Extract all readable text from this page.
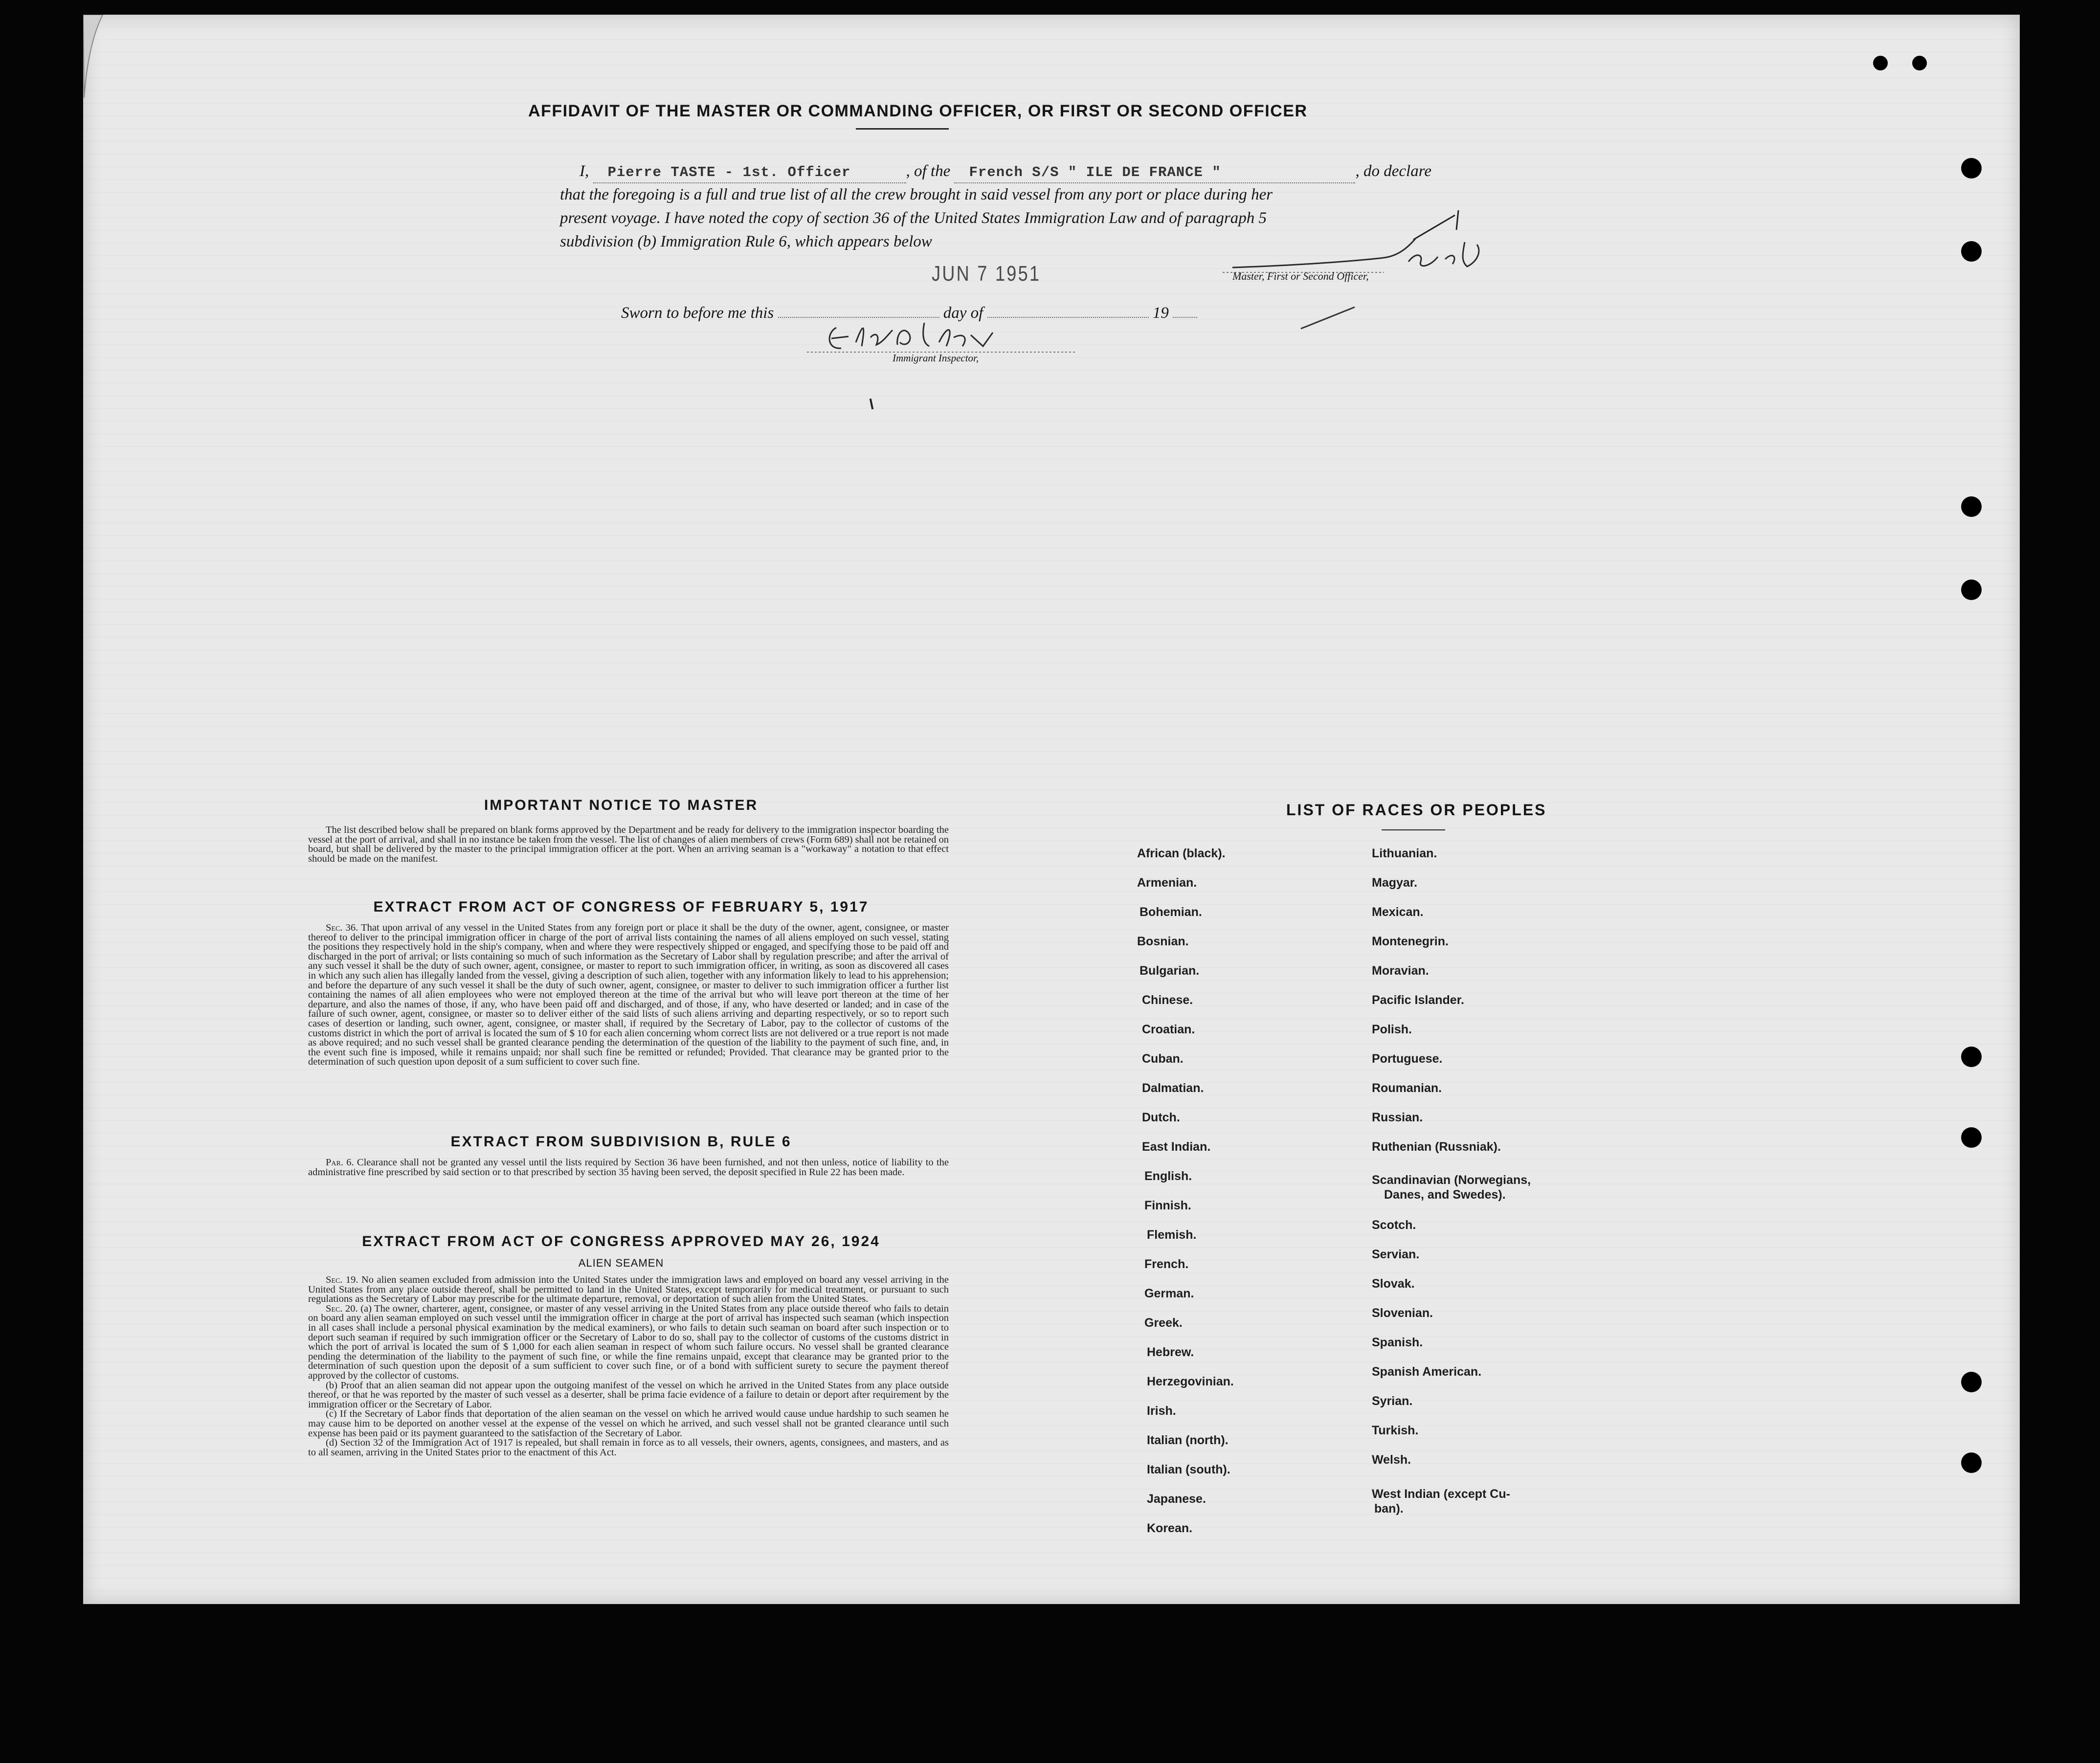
AFFIDAVIT OF THE MASTER OR COMMANDING OFFICER, OR FIRST OR SECOND OFFICER
I, Pierre TASTE - 1st. Officer	, of the French S/S " ILE DE FRANCE "	, do declare
that the foregoing is a full and true list of all the crew brought in said vessel from any port or place during her
present voyage. I have noted the copy of section 36 of the United States Immigration Law and of paragraph 5
subdivision (b) Immigration Rule 6, which appears below
JUN 7 1951	Master, First or Second Officer,
Sworn to before me this	day of	19
Immigrant Inspector,
IMPORTANT NOTICE TO MASTER

The list described below shall be prepared on blank forms approved by the Department and be ready for delivery to the immigration inspector boarding the vessel at the port of arrival, and shall in no instance be taken from the vessel. The list of changes of alien members of crews (Form 689) shall not be retained on board, but shall be delivered by the master to the principal immigration officer at the port. When an arriving seaman is a "workaway" a notation to that effect should be made on the manifest.

EXTRACT FROM ACT OF CONGRESS OF FEBRUARY 5, 1917

Sec. 36. That upon arrival of any vessel in the United States from any foreign port or place it shall be the duty of the owner, agent, consignee, or master thereof to deliver to the principal immigration officer in charge of the port of arrival lists containing the names of all aliens employed on such vessel, stating the positions they respectively hold in the ship's company, when and where they were respectively shipped or engaged, and specifying those to be paid off and discharged in the port of arrival; or lists containing so much of such information as the Secretary of Labor shall by regulation prescribe; and after the arrival of any such vessel it shall be the duty of such owner, agent, consignee, or master to report to such immigration officer, in writing, as soon as discovered all cases in which any such alien has illegally landed from the vessel, giving a description of such alien, together with any information likely to lead to his apprehension; and before the departure of any such vessel it shall be the duty of such owner, agent, consignee, or master to deliver to such immigration officer a further list containing the names of all alien employees who were not employed thereon at the time of the arrival but who will leave port thereon at the time of her departure, and also the names of those, if any, who have been paid off and discharged, and of those, if any, who have deserted or landed; and in case of the failure of such owner, agent, consignee, or master so to deliver either of the said lists of such aliens arriving and departing respectively, or so to report such cases of desertion or landing, such owner, agent, consignee, or master shall, if required by the Secretary of Labor, pay to the collector of customs of the customs district in which the port of arrival is located the sum of $ 10 for each alien concerning whom correct lists are not delivered or a true report is not made as above required; and no such vessel shall be granted clearance pending the determination of the question of the liability to the payment of such fine, and, in the event such fine is imposed, while it remains unpaid; nor shall such fine be remitted or refunded; Provided. That clearance may be granted prior to the determination of such question upon deposit of a sum sufficient to cover such fine.

EXTRACT FROM SUBDIVISION B, RULE 6

Par. 6. Clearance shall not be granted any vessel until the lists required by Section 36 have been furnished, and not then unless, notice of liability to the administrative fine prescribed by said section or to that prescribed by section 35 having been served, the deposit specified in Rule 22 has been made.

EXTRACT FROM ACT OF CONGRESS APPROVED MAY 26, 1924
ALIEN SEAMEN

Sec. 19. No alien seamen excluded from admission into the United States under the immigration laws and employed on board any vessel arriving in the United States from any place outside thereof, shall be permitted to land in the United States, except temporarily for medical treatment, or pursuant to such regulations as the Secretary of Labor may prescribe for the ultimate departure, removal, or deportation of such alien from the United States.

Sec. 20. (a) The owner, charterer, agent, consignee, or master of any vessel arriving in the United States from any place outside thereof who fails to detain on board any alien seaman employed on such vessel until the immigration officer in charge at the port of arrival has inspected such seaman (which inspection in all cases shall include a personal physical examination by the medical examiners), or who fails to detain such seaman on board after such inspection or to deport such seaman if required by such immigration officer or the Secretary of Labor to do so, shall pay to the collector of customs of the customs district in which the port of arrival is located the sum of $ 1,000 for each alien seaman in respect of whom such failure occurs. No vessel shall be granted clearance pending the determination of the liability to the payment of such fine, or while the fine remains unpaid, except that clearance may be granted prior to the determination of such question upon the deposit of a sum sufficient to cover such fine, or of a bond with sufficient surety to secure the payment thereof approved by the collector of customs.

(b) Proof that an alien seaman did not appear upon the outgoing manifest of the vessel on which he arrived in the United States from any place outside thereof, or that he was reported by the master of such vessel as a deserter, shall be prima facie evidence of a failure to detain or deport after requirement by the immigration officer or the Secretary of Labor.

(c) If the Secretary of Labor finds that deportation of the alien seaman on the vessel on which he arrived would cause undue hardship to such seamen he may cause him to be deported on another vessel at the expense of the vessel on which he arrived, and such vessel shall not be granted clearance until such expense has been paid or its payment guaranteed to the satisfaction of the Secretary of Labor.

(d) Section 32 of the Immigration Act of 1917 is repealed, but shall remain in force as to all vessels, their owners, agents, consignees, and masters, and as to all seamen, arriving in the United States prior to the enactment of this Act.

LIST OF RACES OR PEOPLES
African (black).
Armenian.
Bohemian.
Bosnian.
Bulgarian.
Chinese.
Croatian.
Cuban.
Dalmatian.
Dutch.
East Indian.
English.
Finnish.
Flemish.
French.
German.
Greek.
Hebrew.
Herzegovinian.
Irish.
Italian (north).
Italian (south).
Japanese.
Korean.
Lithuanian.
Magyar.
Mexican.
Montenegrin.
Moravian.
Pacific Islander.
Polish.
Portuguese.
Roumanian.
Russian.
Ruthenian (Russniak).
Scandinavian (Norwegians,
Danes, and Swedes).
Scotch.
Servian.
Slovak.
Slovenian.
Spanish.
Spanish American.
Syrian.
Turkish.
Welsh.
West Indian (except Cu-
ban).
